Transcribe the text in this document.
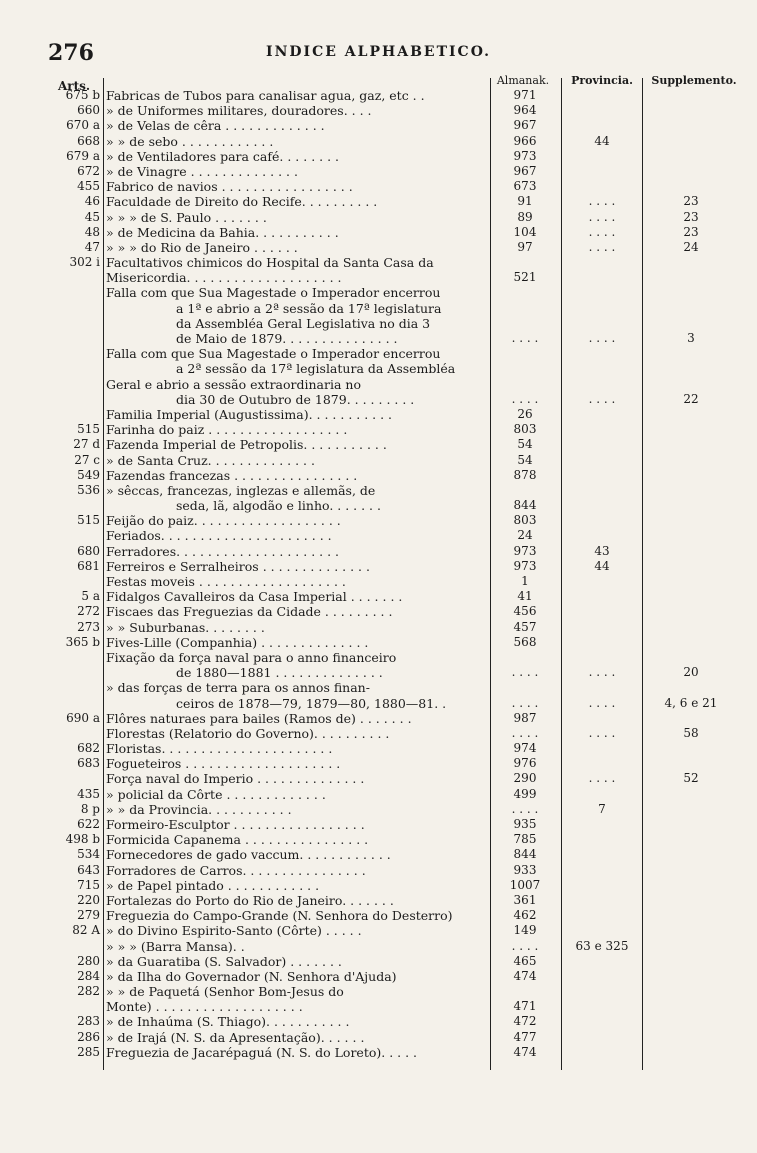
276	INDICE ALPHABETICO.
Arts.	Almanak.	Provincia.	Supplemento.
675 b Fabricas de Tubos para canalisar agua, gaz, etc . .	971
660 » de Uniformes militares, douradores. . . .	964
670 a » de Velas de cêra . . . . . . . . . . . . .	967
668 » » de sebo . . . . . . . . . . . .	966	44
679 a » de Ventiladores para café. . . . . . . .	973
672 » de Vinagre . . . . . . . . . . . . . .	967
455 Fabrico de navios . . . . . . . . . . . . . . . . .	673
46 Faculdade de Direito do Recife. . . . . . . . . .	91	. . . .	23
45 » » » de S. Paulo . . . . . . .	89	. . . .	23
48 » de Medicina da Bahia. . . . . . . . . . .	104	. . . .	23
47 » » » do Rio de Janeiro . . . . . .	97	. . . .	24
302 i Facultativos chimicos do Hospital da Santa Casa da
Misericordia. . . . . . . . . . . . . . . . . . . .	521
Falla com que Sua Magestade o Imperador encerrou
a 1ª e abrio a 2ª sessão da 17ª legislatura
da Assembléa Geral Legislativa no dia 3
de Maio de 1879. . . . . . . . . . . . . . .	. . . .	. . . .	3
Falla com que Sua Magestade o Imperador encerrou
a 2ª sessão da 17ª legislatura da Assembléa
Geral e abrio a sessão extraordinaria no
dia 30 de Outubro de 1879. . . . . . . . .	. . . .	. . . .	22
Familia Imperial (Augustissima). . . . . . . . . . .	26
515 Farinha do paiz . . . . . . . . . . . . . . . . . .	803
27 d Fazenda Imperial de Petropolis. . . . . . . . . . .	54
27 c » de Santa Cruz. . . . . . . . . . . . . .	54
549 Fazendas francezas . . . . . . . . . . . . . . . .	878
536 » sêccas, francezas, inglezas e allemãs, de
seda, lã, algodão e linho. . . . . . .	844
515 Feijão do paiz. . . . . . . . . . . . . . . . . . .	803
Feriados. . . . . . . . . . . . . . . . . . . . . .	24
680 Ferradores. . . . . . . . . . . . . . . . . . . . .	973	43
681 Ferreiros e Serralheiros . . . . . . . . . . . . . .	973	44
Festas moveis . . . . . . . . . . . . . . . . . . .	1
5 a Fidalgos Cavalleiros da Casa Imperial . . . . . . .	41
272 Fiscaes das Freguezias da Cidade . . . . . . . . .	456
273 » » Suburbanas. . . . . . . .	457
365 b Fives-Lille (Companhia) . . . . . . . . . . . . . .	568
Fixação da força naval para o anno financeiro
de 1880—1881 . . . . . . . . . . . . . .	. . . .	. . . .	20
» das forças de terra para os annos finan-
ceiros de 1878—79, 1879—80, 1880—81. .	. . . .	. . . .	4, 6 e 21
690 a Flôres naturaes para bailes (Ramos de) . . . . . . .	987
Florestas (Relatorio do Governo). . . . . . . . . .	. . . .	. . . .	58
682 Floristas. . . . . . . . . . . . . . . . . . . . . .	974
683 Fogueteiros . . . . . . . . . . . . . . . . . . . .	976
Força naval do Imperio . . . . . . . . . . . . . .	290	. . . .	52
435 » policial da Côrte . . . . . . . . . . . . .	499
8 p » » da Provincia. . . . . . . . . . .	. . . .	7
622 Formeiro-Esculptor . . . . . . . . . . . . . . . . .	935
498 b Formicida Capanema . . . . . . . . . . . . . . . .	785
534 Fornecedores de gado vaccum. . . . . . . . . . . .	844
643 Forradores de Carros. . . . . . . . . . . . . . . .	933
715 » de Papel pintado . . . . . . . . . . . .	1007
220 Fortalezas do Porto do Rio de Janeiro. . . . . . .	361
279 Freguezia do Campo-Grande (N. Senhora do Desterro)	462
82 A » do Divino Espirito-Santo (Côrte) . . . . .	149
» » » (Barra Mansa). .	. . . .	63 e 325
280 » da Guaratiba (S. Salvador) . . . . . . .	465
284 » da Ilha do Governador (N. Senhora d'Ajuda)	474
282 » » de Paquetá (Senhor Bom-Jesus do
Monte) . . . . . . . . . . . . . . . . . . .	471
283 » de Inhaúma (S. Thiago). . . . . . . . . . .	472
286 » de Irajá (N. S. da Apresentação). . . . . .	477
285 Freguezia de Jacarépaguá (N. S. do Loreto). . . . .	474
